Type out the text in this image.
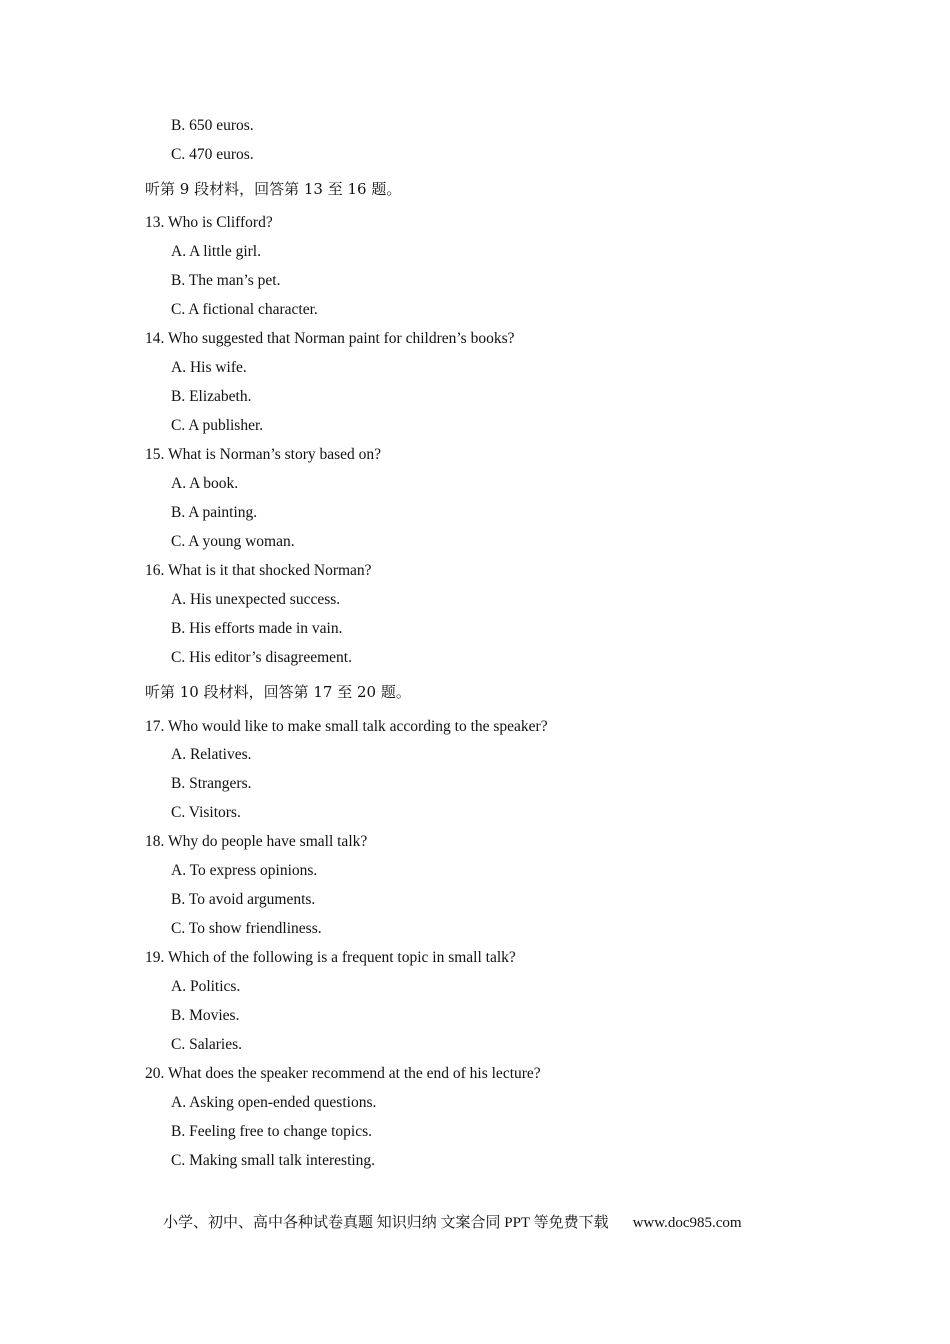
B. 650 euros.
C. 470 euros.
听第 9 段材料，回答第 13 至 16 题。
13. Who is Clifford?
A. A little girl.
B. The man’s pet.
C. A fictional character.
14. Who suggested that Norman paint for children’s books?
A. His wife.
B. Elizabeth.
C. A publisher.
15. What is Norman’s story based on?
A. A book.
B. A painting.
C. A young woman.
16. What is it that shocked Norman?
A. His unexpected success.
B. His efforts made in vain.
C. His editor’s disagreement.
听第 10 段材料，回答第 17 至 20 题。
17. Who would like to make small talk according to the speaker?
A. Relatives.
B. Strangers.
C. Visitors.
18. Why do people have small talk?
A. To express opinions.
B. To avoid arguments.
C. To show friendliness.
19. Which of the following is a frequent topic in small talk?
A. Politics.
B. Movies.
C. Salaries.
20. What does the speaker recommend at the end of his lecture?
A. Asking open-ended questions.
B. Feeling free to change topics.
C. Making small talk interesting.
小学、初中、高中各种试卷真题 知识归纳 文案合同 PPT 等免费下载 www.doc985.com
